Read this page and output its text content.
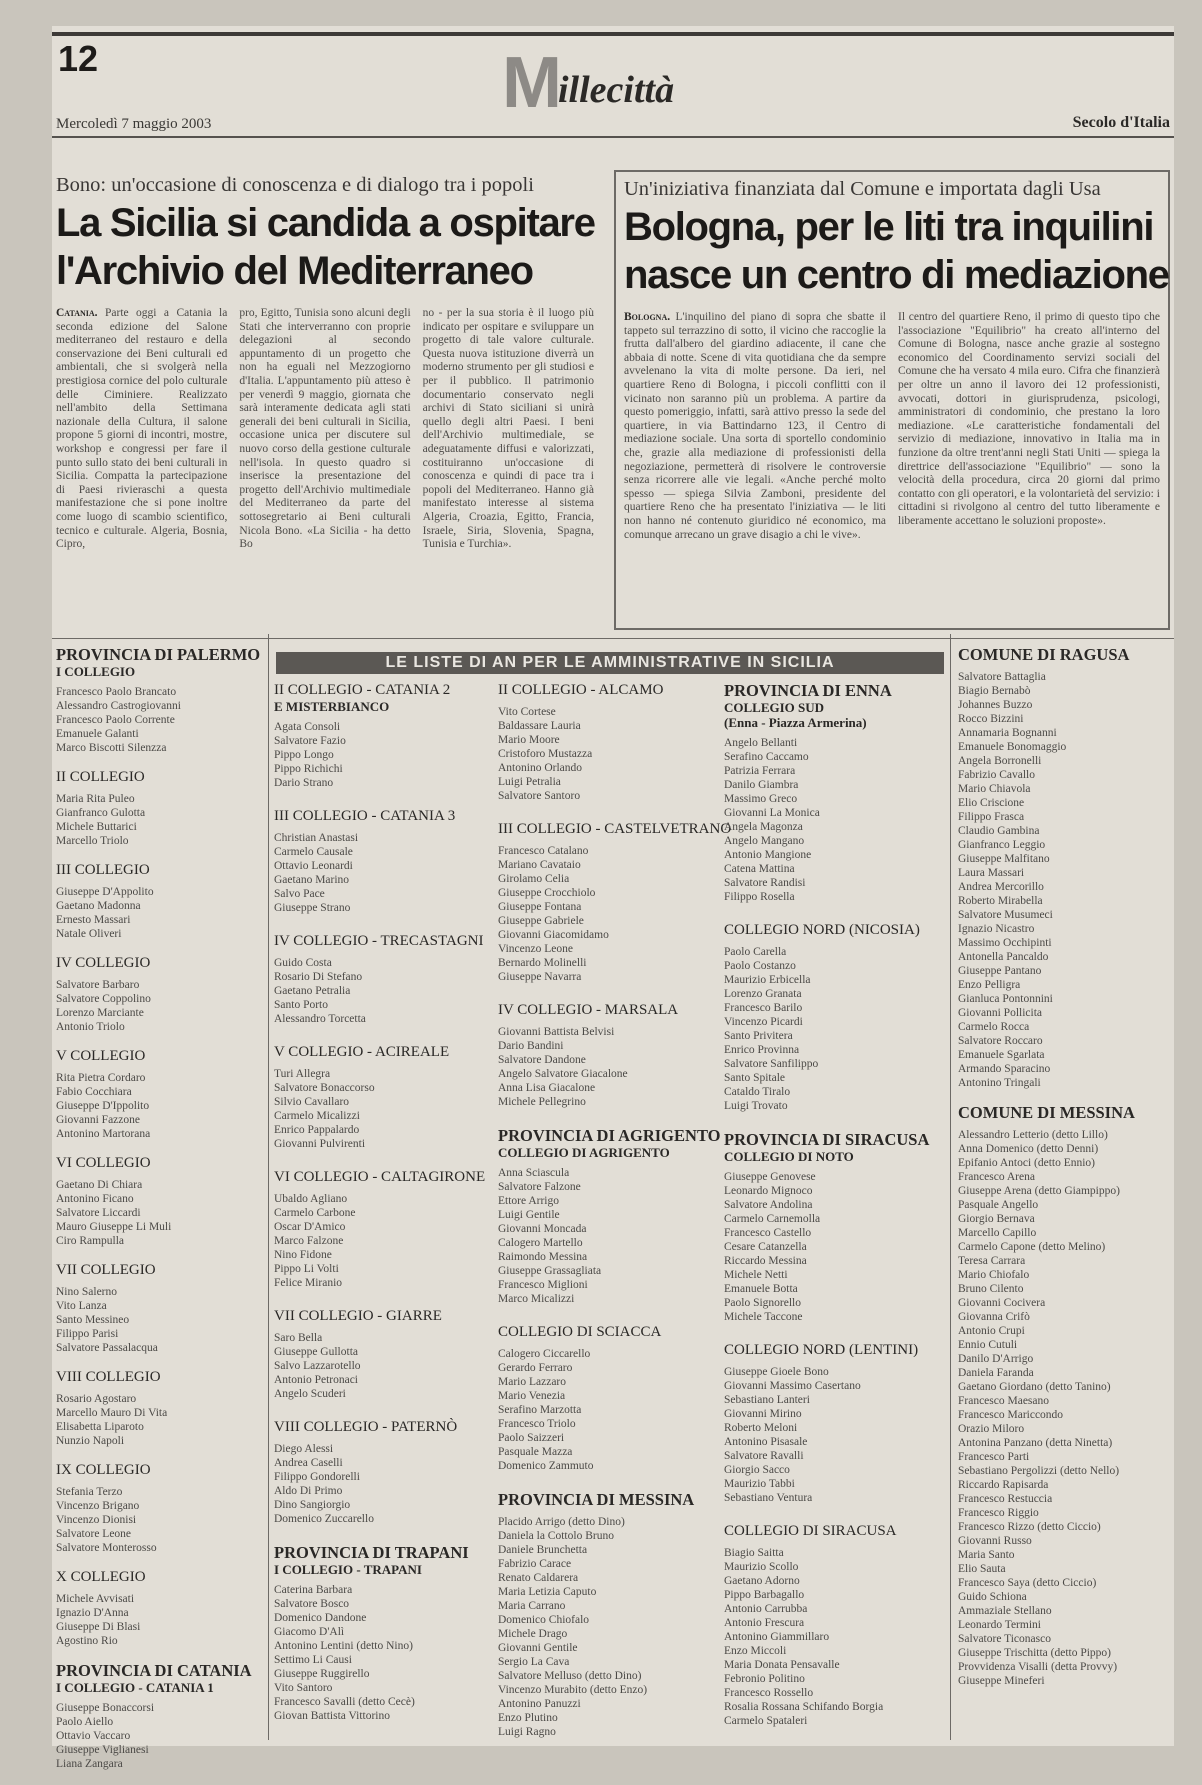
12	M
illecittà
Mercoledì 7 maggio 2003	Secolo d'Italia
Bono: un'occasione di conoscenza e di dialogo tra i popoli
La Sicilia si candida a ospitare
l'Archivio del Mediterraneo
Catania. Parte oggi a Catania la seconda edizione del Salone mediterraneo del restauro e della conservazione dei Beni culturali ed ambientali, che si svolgerà nella prestigiosa cornice del polo culturale delle Ciminiere. Realizzato nell'ambito della Settimana nazionale della Cultura, il salone propone 5 giorni di incontri, mostre, workshop e congressi per fare il punto sullo stato dei beni culturali in Sicilia. Compatta la partecipazione di Paesi rivieraschi a questa manifestazione che si pone inoltre come luogo di scambio scientifico, tecnico e culturale. Algeria, Bosnia, Cipro,
pro, Egitto, Tunisia sono alcuni degli Stati che interverranno con proprie delegazioni al secondo appuntamento di un progetto che non ha eguali nel Mezzogiorno d'Italia. L'appuntamento più atteso è per venerdì 9 maggio, giornata che sarà interamente dedicata agli stati generali dei beni culturali in Sicilia, occasione unica per discutere sul nuovo corso della gestione culturale nell'isola. In questo quadro si inserisce la presentazione del progetto dell'Archivio multimediale del Mediterraneo da parte del sottosegretario ai Beni culturali Nicola Bono. «La Sicilia - ha detto Bo
no - per la sua storia è il luogo più indicato per ospitare e sviluppare un progetto di tale valore culturale. Questa nuova istituzione diverrà un moderno strumento per gli studiosi e per il pubblico. Il patrimonio documentario conservato negli archivi di Stato siciliani si unirà quello degli altri Paesi. I beni dell'Archivio multimediale, se adeguatamente diffusi e valorizzati, costituiranno un'occasione di conoscenza e quindi di pace tra i popoli del Mediterraneo. Hanno già manifestato interesse al sistema Algeria, Croazia, Egitto, Francia, Israele, Siria, Slovenia, Spagna, Tunisia e Turchia».
Un'iniziativa finanziata dal Comune e importata dagli Usa
Bologna, per le liti tra inquilini
nasce un centro di mediazione
Bologna. L'inquilino del piano di sopra che sbatte il tappeto sul terrazzino di sotto, il vicino che raccoglie la frutta dall'albero del giardino adiacente, il cane che abbaia di notte. Scene di vita quotidiana che da sempre avvelenano la vita di molte persone. Da ieri, nel quartiere Reno di Bologna, i piccoli conflitti con il vicinato non saranno più un problema. A partire da questo pomeriggio, infatti, sarà attivo presso la sede del quartiere, in via Battindarno 123, il Centro di mediazione sociale. Una sorta di sportello condominio che, grazie alla mediazione di professionisti della negoziazione, permetterà di risolvere le controversie senza ricorrere alle vie legali. «Anche perché molto spesso — spiega Silvia Zamboni, presidente del quartiere Reno che ha presentato l'iniziativa — le liti non hanno né contenuto giuridico né economico, ma comunque arrecano un grave disagio a chi le vive».
Il centro del quartiere Reno, il primo di questo tipo che l'associazione "Equilibrio" ha creato all'interno del Comune di Bologna, nasce anche grazie al sostegno economico del Coordinamento servizi sociali del Comune che ha versato 4 mila euro. Cifra che finanzierà per oltre un anno il lavoro dei 12 professionisti, avvocati, dottori in giurisprudenza, psicologi, amministratori di condominio, che prestano la loro mediazione. «Le caratteristiche fondamentali del servizio di mediazione, innovativo in Italia ma in funzione da oltre trent'anni negli Stati Uniti — spiega la direttrice dell'associazione "Equilibrio" — sono la velocità della procedura, circa 20 giorni dal primo contatto con gli operatori, e la volontarietà del servizio: i cittadini si rivolgono al centro del tutto liberamente e liberamente accettano le soluzioni proposte».
LE LISTE DI AN PER LE AMMINISTRATIVE IN SICILIA
PROVINCIA DI PALERMO
I COLLEGIO
Francesco Paolo Brancato
Alessandro Castrogiovanni
Francesco Paolo Corrente
Emanuele Galanti
Marco Biscotti Silenzza
II COLLEGIO
Maria Rita Puleo
Gianfranco Gulotta
Michele Buttarici
Marcello Triolo
III COLLEGIO
Giuseppe D'Appolito
Gaetano Madonna
Ernesto Massari
Natale Oliveri
IV COLLEGIO
Salvatore Barbaro
Salvatore Coppolino
Lorenzo Marciante
Antonio Triolo
V COLLEGIO
Rita Pietra Cordaro
Fabio Cocchiara
Giuseppe D'Ippolito
Giovanni Fazzone
Antonino Martorana
VI COLLEGIO
Gaetano Di Chiara
Antonino Ficano
Salvatore Liccardi
Mauro Giuseppe Li Muli
Ciro Rampulla
VII COLLEGIO
Nino Salerno
Vito Lanza
Santo Messineo
Filippo Parisi
Salvatore Passalacqua
VIII COLLEGIO
Rosario Agostaro
Marcello Mauro Di Vita
Elisabetta Liparoto
Nunzio Napoli
IX COLLEGIO
Stefania Terzo
Vincenzo Brigano
Vincenzo Dionisi
Salvatore Leone
Salvatore Monterosso
X COLLEGIO
Michele Avvisati
Ignazio D'Anna
Giuseppe Di Blasi
Agostino Rio
PROVINCIA DI CATANIA
I COLLEGIO - CATANIA 1
Giuseppe Bonaccorsi
Paolo Aiello
Ottavio Vaccaro
Giuseppe Viglianesi
Liana Zangara
II COLLEGIO - CATANIA 2
E MISTERBIANCO
Agata Consoli
Salvatore Fazio
Pippo Longo
Pippo Richichi
Dario Strano
III COLLEGIO - CATANIA 3
Christian Anastasi
Carmelo Causale
Ottavio Leonardi
Gaetano Marino
Salvo Pace
Giuseppe Strano
IV COLLEGIO - TRECASTAGNI
Guido Costa
Rosario Di Stefano
Gaetano Petralia
Santo Porto
Alessandro Torcetta
V COLLEGIO - ACIREALE
Turi Allegra
Salvatore Bonaccorso
Silvio Cavallaro
Carmelo Micalizzi
Enrico Pappalardo
Giovanni Pulvirenti
VI COLLEGIO - CALTAGIRONE
Ubaldo Agliano
Carmelo Carbone
Oscar D'Amico
Marco Falzone
Nino Fidone
Pippo Li Volti
Felice Miranio
VII COLLEGIO - GIARRE
Saro Bella
Giuseppe Gullotta
Salvo Lazzarotello
Antonio Petronaci
Angelo Scuderi
VIII COLLEGIO - PATERNÒ
Diego Alessi
Andrea Caselli
Filippo Gondorelli
Aldo Di Primo
Dino Sangiorgio
Domenico Zuccarello
PROVINCIA DI TRAPANI
I COLLEGIO - TRAPANI
Caterina Barbara
Salvatore Bosco
Domenico Dandone
Giacomo D'Alì
Antonino Lentini (detto Nino)
Settimo Li Causi
Giuseppe Ruggirello
Vito Santoro
Francesco Savalli (detto Cecè)
Giovan Battista Vittorino
II COLLEGIO - ALCAMO
Vito Cortese
Baldassare Lauria
Mario Moore
Cristoforo Mustazza
Antonino Orlando
Luigi Petralia
Salvatore Santoro
III COLLEGIO - CASTELVETRANO
Francesco Catalano
Mariano Cavataio
Girolamo Celia
Giuseppe Crocchiolo
Giuseppe Fontana
Giuseppe Gabriele
Giovanni Giacomidamo
Vincenzo Leone
Bernardo Molinelli
Giuseppe Navarra
IV COLLEGIO - MARSALA
Giovanni Battista Belvisi
Dario Bandini
Salvatore Dandone
Angelo Salvatore Giacalone
Anna Lisa Giacalone
Michele Pellegrino
PROVINCIA DI AGRIGENTO
COLLEGIO DI AGRIGENTO
Anna Sciascula
Salvatore Falzone
Ettore Arrigo
Luigi Gentile
Giovanni Moncada
Calogero Martello
Raimondo Messina
Giuseppe Grassagliata
Francesco Miglioni
Marco Micalizzi
COLLEGIO DI SCIACCA
Calogero Ciccarello
Gerardo Ferraro
Mario Lazzaro
Mario Venezia
Serafino Marzotta
Francesco Triolo
Paolo Saizzeri
Pasquale Mazza
Domenico Zammuto
PROVINCIA DI MESSINA
Placido Arrigo (detto Dino)
Daniela la Cottolo Bruno
Daniele Brunchetta
Fabrizio Carace
Renato Caldarera
Maria Letizia Caputo
Maria Carrano
Domenico Chiofalo
Michele Drago
Giovanni Gentile
Sergio La Cava
Salvatore Melluso (detto Dino)
Vincenzo Murabito (detto Enzo)
Antonino Panuzzi
Enzo Plutino
Luigi Ragno
PROVINCIA DI ENNA
COLLEGIO SUD
(Enna - Piazza Armerina)
Angelo Bellanti
Serafino Caccamo
Patrizia Ferrara
Danilo Giambra
Massimo Greco
Giovanni La Monica
Angela Magonza
Angelo Mangano
Antonio Mangione
Catena Mattina
Salvatore Randisi
Filippo Rosella
COLLEGIO NORD (NICOSIA)
Paolo Carella
Paolo Costanzo
Maurizio Erbicella
Lorenzo Granata
Francesco Barilo
Vincenzo Picardi
Santo Privitera
Enrico Provinna
Salvatore Sanfilippo
Santo Spitale
Cataldo Tiralo
Luigi Trovato
PROVINCIA DI SIRACUSA
COLLEGIO DI NOTO
Giuseppe Genovese
Leonardo Mignoco
Salvatore Andolina
Carmelo Carnemolla
Francesco Castello
Cesare Catanzella
Riccardo Messina
Michele Netti
Emanuele Botta
Paolo Signorello
Michele Taccone
COLLEGIO NORD (LENTINI)
Giuseppe Gioele Bono
Giovanni Massimo Casertano
Sebastiano Lanteri
Giovanni Mirino
Roberto Meloni
Antonino Pisasale
Salvatore Ravalli
Giorgio Sacco
Maurizio Tabbi
Sebastiano Ventura
COLLEGIO DI SIRACUSA
Biagio Saitta
Maurizio Scollo
Gaetano Adorno
Pippo Barbagallo
Antonio Carrubba
Antonio Frescura
Antonino Giammillaro
Enzo Miccoli
Maria Donata Pensavalle
Febronio Politino
Francesco Rossello
Rosalia Rossana Schifando Borgia
Carmelo Spataleri
COMUNE DI RAGUSA
Salvatore Battaglia
Biagio Bernabò
Johannes Buzzo
Rocco Bizzini
Annamaria Bognanni
Emanuele Bonomaggio
Angela Borronelli
Fabrizio Cavallo
Mario Chiavola
Elio Criscione
Filippo Frasca
Claudio Gambina
Gianfranco Leggio
Giuseppe Malfitano
Laura Massari
Andrea Mercorillo
Roberto Mirabella
Salvatore Musumeci
Ignazio Nicastro
Massimo Occhipinti
Antonella Pancaldo
Giuseppe Pantano
Enzo Pelligra
Gianluca Pontonnini
Giovanni Pollicita
Carmelo Rocca
Salvatore Roccaro
Emanuele Sgarlata
Armando Sparacino
Antonino Tringali
COMUNE DI MESSINA
Alessandro Letterio (detto Lillo)
Anna Domenico (detto Denni)
Epifanio Antoci (detto Ennio)
Francesco Arena
Giuseppe Arena (detto Giampippo)
Pasquale Angello
Giorgio Bernava
Marcello Capillo
Carmelo Capone (detto Melino)
Teresa Carrara
Mario Chiofalo
Bruno Cilento
Giovanni Cocivera
Giovanna Crifò
Antonio Crupi
Ennio Cutuli
Danilo D'Arrigo
Daniela Faranda
Gaetano Giordano (detto Tanino)
Francesco Maesano
Francesco Mariccondo
Orazio Miloro
Antonina Panzano (detta Ninetta)
Francesco Parti
Sebastiano Pergolizzi (detto Nello)
Riccardo Rapisarda
Francesco Restuccia
Francesco Riggio
Francesco Rizzo (detto Ciccio)
Giovanni Russo
Maria Santo
Elio Sauta
Francesco Saya (detto Ciccio)
Guido Schiona
Ammaziale Stellano
Leonardo Termini
Salvatore Ticonasco
Giuseppe Trischitta (detto Pippo)
Provvidenza Visalli (detta Provvy)
Giuseppe Mineferi
